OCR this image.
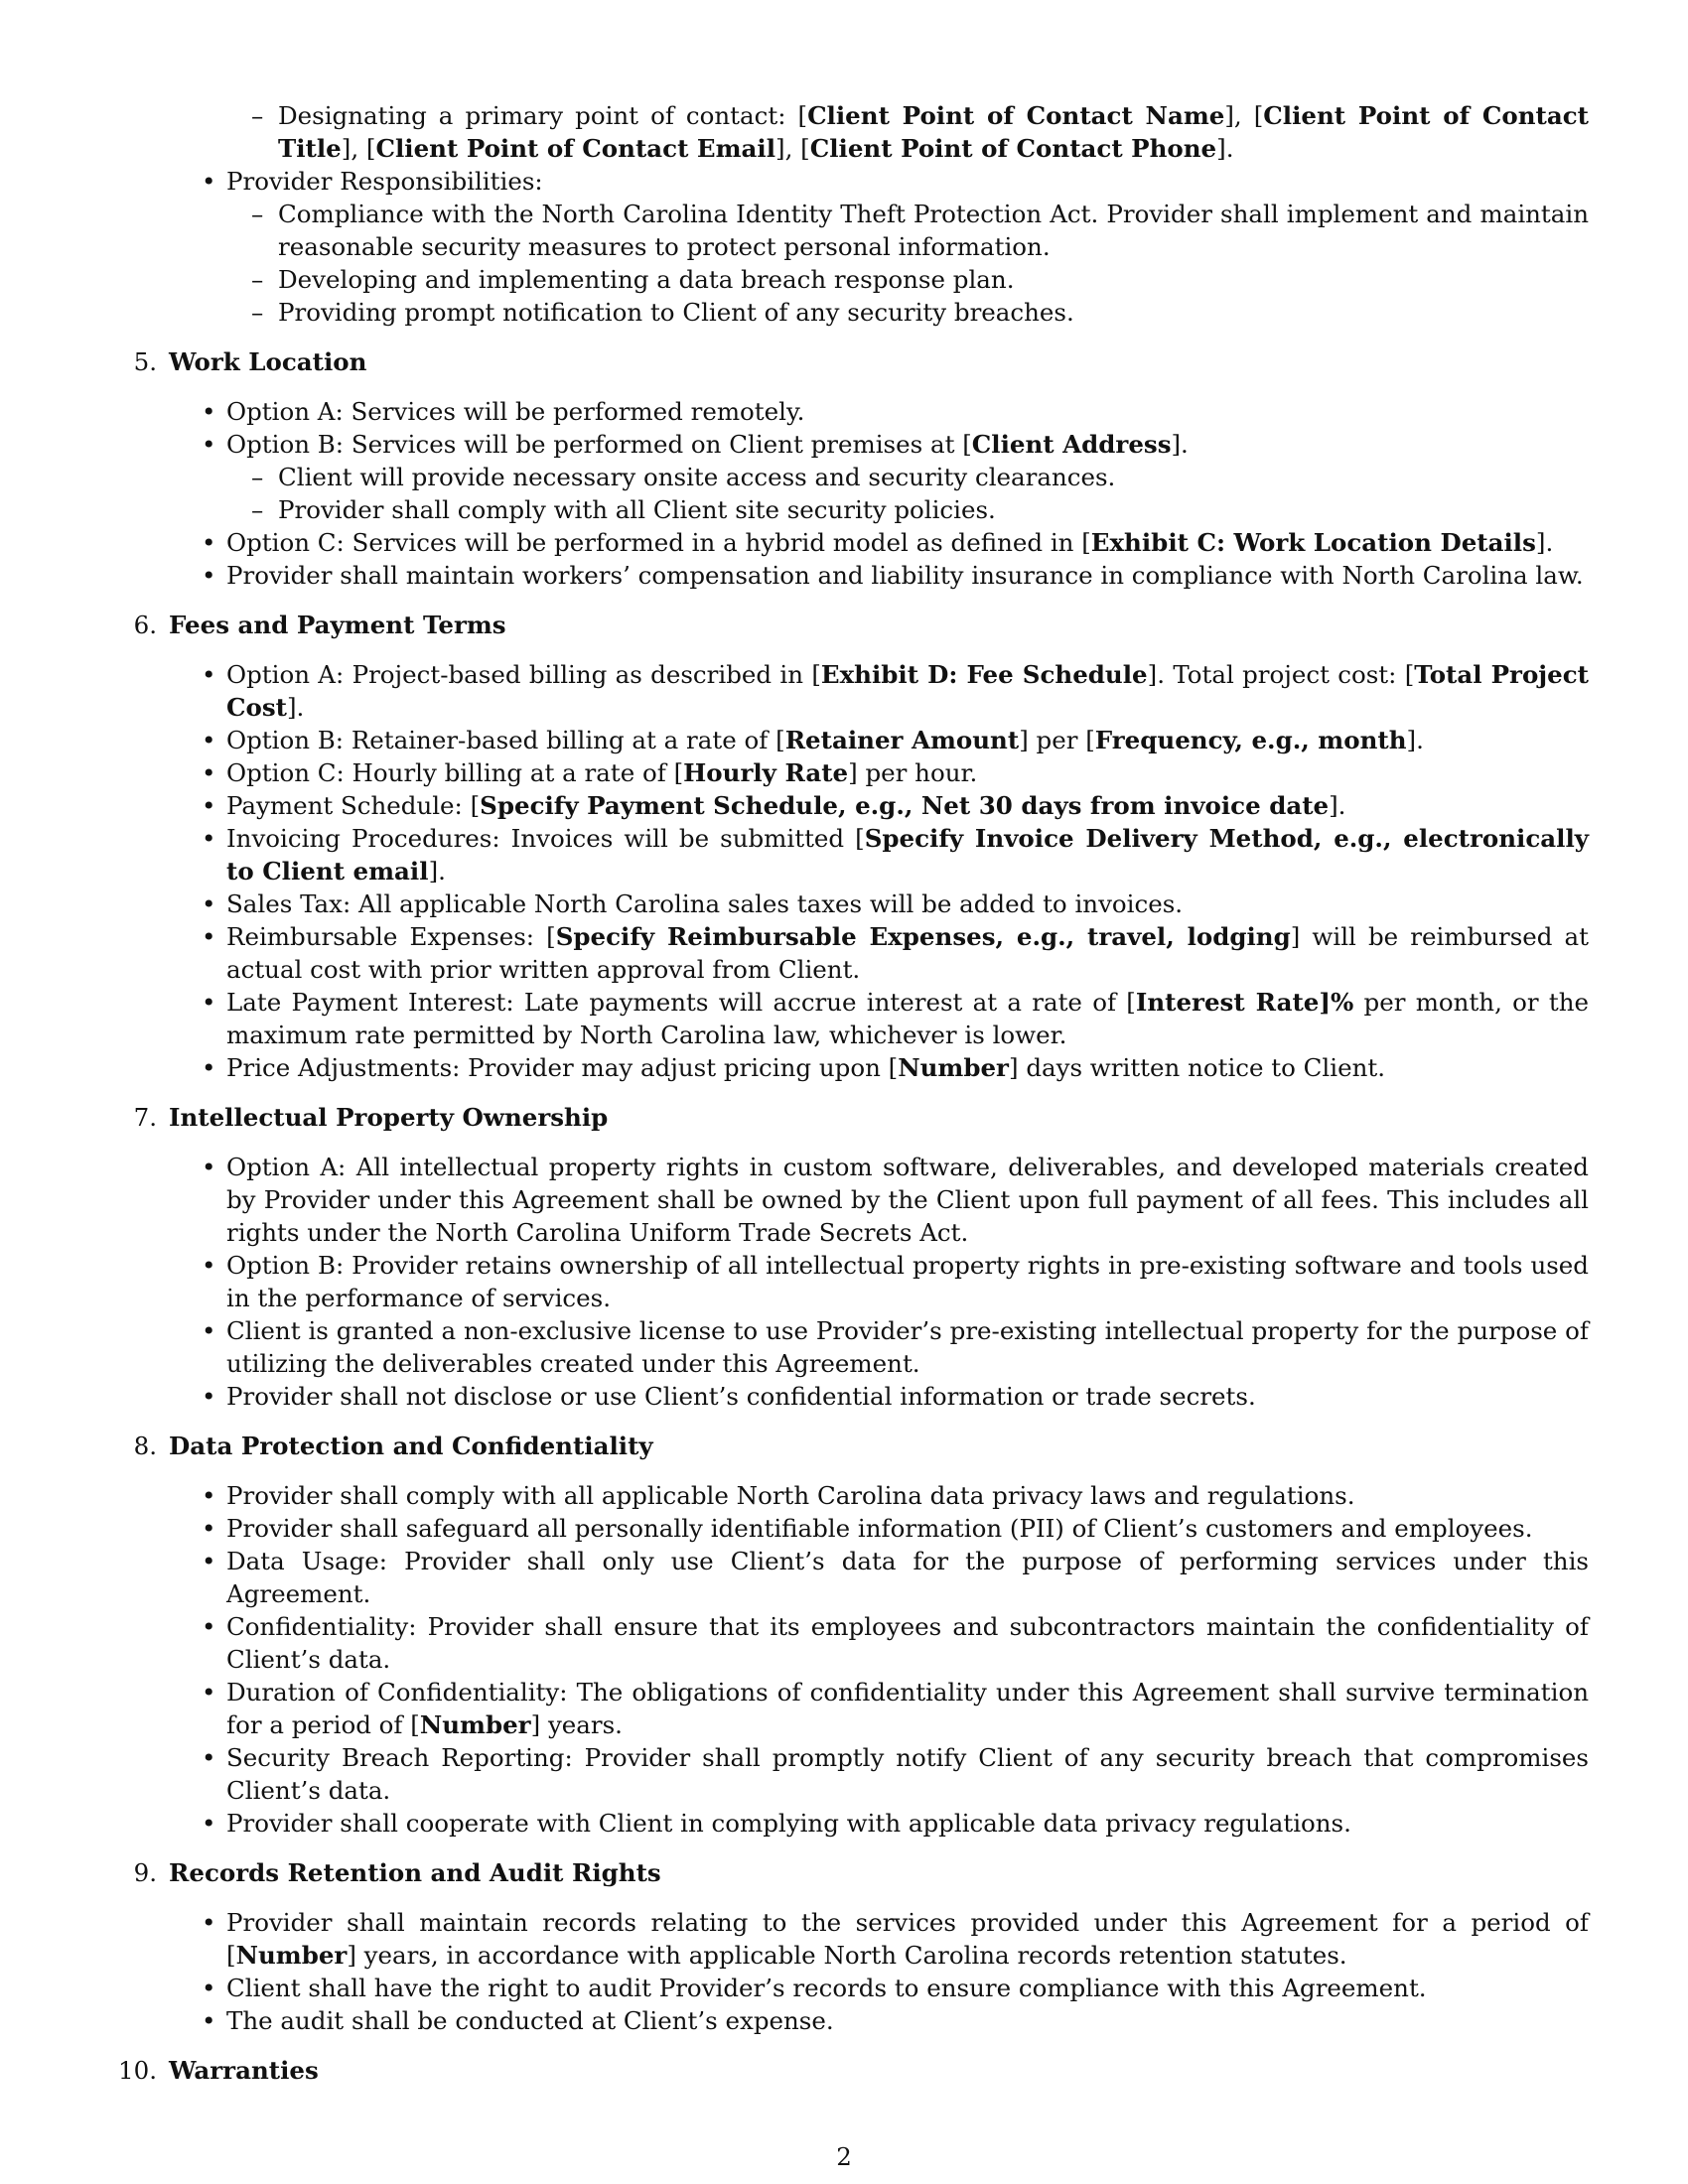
– Designating a primary point of contact: [Client Point of Contact Name], [Client Point of Contact Title], [Client Point of Contact Email], [Client Point of Contact Phone].
• Provider Responsibilities:
– Compliance with the North Carolina Identity Theft Protection Act. Provider shall implement and maintain reasonable security measures to protect personal information.
– Developing and implementing a data breach response plan.
– Providing prompt notification to Client of any security breaches.
5. Work Location
• Option A: Services will be performed remotely.
• Option B: Services will be performed on Client premises at [Client Address].
– Client will provide necessary onsite access and security clearances.
– Provider shall comply with all Client site security policies.
• Option C: Services will be performed in a hybrid model as defined in [Exhibit C: Work Location Details].
• Provider shall maintain workers’ compensation and liability insurance in compliance with North Carolina law.
6. Fees and Payment Terms
• Option A: Project-based billing as described in [Exhibit D: Fee Schedule]. Total project cost: [Total Project Cost].
• Option B: Retainer-based billing at a rate of [Retainer Amount] per [Frequency, e.g., month].
• Option C: Hourly billing at a rate of [Hourly Rate] per hour.
• Payment Schedule: [Specify Payment Schedule, e.g., Net 30 days from invoice date].
• Invoicing Procedures: Invoices will be submitted [Specify Invoice Delivery Method, e.g., electronically to Client email].
• Sales Tax: All applicable North Carolina sales taxes will be added to invoices.
• Reimbursable Expenses: [Specify Reimbursable Expenses, e.g., travel, lodging] will be reimbursed at actual cost with prior written approval from Client.
• Late Payment Interest: Late payments will accrue interest at a rate of [Interest Rate]% per month, or the maximum rate permitted by North Carolina law, whichever is lower.
• Price Adjustments: Provider may adjust pricing upon [Number] days written notice to Client.
7. Intellectual Property Ownership
• Option A: All intellectual property rights in custom software, deliverables, and developed materials created by Provider under this Agreement shall be owned by the Client upon full payment of all fees. This includes all rights under the North Carolina Uniform Trade Secrets Act.
• Option B: Provider retains ownership of all intellectual property rights in pre-existing software and tools used in the performance of services.
• Client is granted a non-exclusive license to use Provider’s pre-existing intellectual property for the purpose of utilizing the deliverables created under this Agreement.
• Provider shall not disclose or use Client’s confidential information or trade secrets.
8. Data Protection and Confidentiality
• Provider shall comply with all applicable North Carolina data privacy laws and regulations.
• Provider shall safeguard all personally identifiable information (PII) of Client’s customers and employees.
• Data Usage: Provider shall only use Client’s data for the purpose of performing services under this Agreement.
• Confidentiality: Provider shall ensure that its employees and subcontractors maintain the confidentiality of Client’s data.
• Duration of Confidentiality: The obligations of confidentiality under this Agreement shall survive termination for a period of [Number] years.
• Security Breach Reporting: Provider shall promptly notify Client of any security breach that compromises Client’s data.
• Provider shall cooperate with Client in complying with applicable data privacy regulations.
9. Records Retention and Audit Rights
• Provider shall maintain records relating to the services provided under this Agreement for a period of [Number] years, in accordance with applicable North Carolina records retention statutes.
• Client shall have the right to audit Provider’s records to ensure compliance with this Agreement.
• The audit shall be conducted at Client’s expense.
10. Warranties
2
